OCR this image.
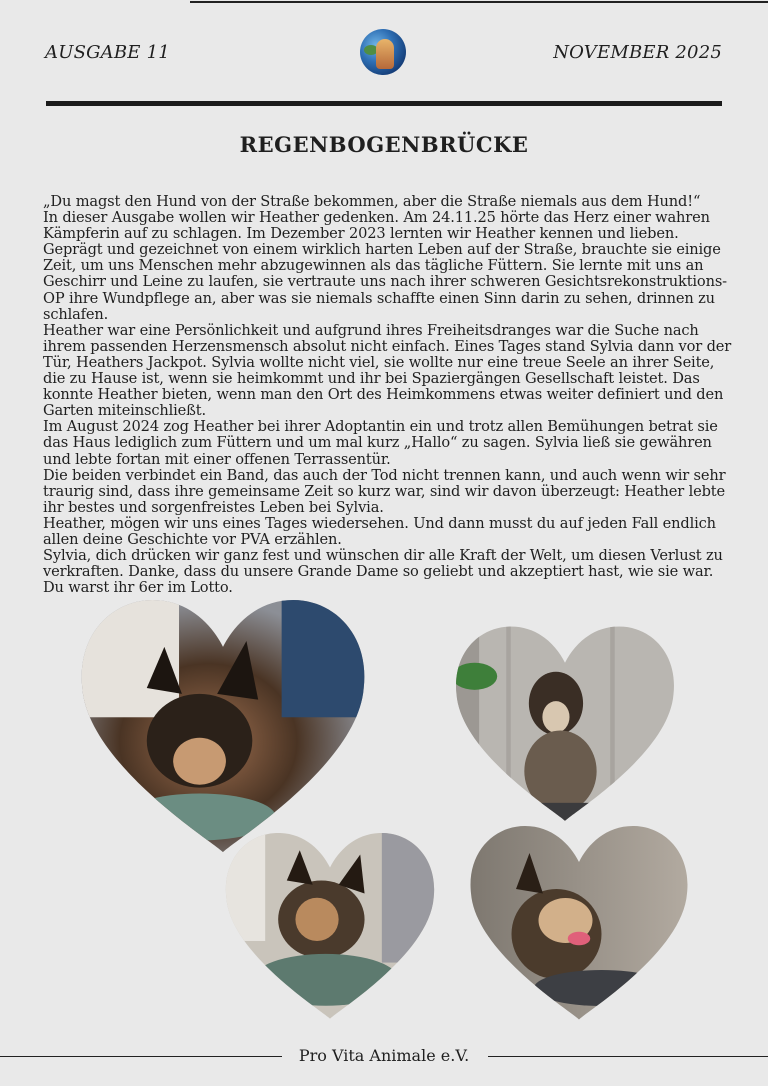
AUSGABE 11	NOVEMBER 2025
REGENBOGENBRÜCKE

„Du magst den Hund von der Straße bekommen, aber die Straße niemals aus dem Hund!“

In dieser Ausgabe wollen wir Heather gedenken. Am 24.11.25 hörte das Herz einer wahren Kämpferin auf zu schlagen. Im Dezember 2023 lernten wir Heather kennen und lieben. Geprägt und gezeichnet von einem wirklich harten Leben auf der Straße, brauchte sie einige Zeit, um uns Menschen mehr abzugewinnen als das tägliche Füttern. Sie lernte mit uns an Geschirr und Leine zu laufen, sie vertraute uns nach ihrer schweren Gesichtsrekonstruktions-OP ihre Wundpflege an, aber was sie niemals schaffte einen Sinn darin zu sehen, drinnen zu schlafen.

Heather war eine Persönlichkeit und aufgrund ihres Freiheitsdranges war die Suche nach ihrem passenden Herzensmensch absolut nicht einfach. Eines Tages stand Sylvia dann vor der Tür, Heathers Jackpot. Sylvia wollte nicht viel, sie wollte nur eine treue Seele an ihrer Seite, die zu Hause ist, wenn sie heimkommt und ihr bei Spaziergängen Gesellschaft leistet. Das konnte Heather bieten, wenn man den Ort des Heimkommens etwas weiter definiert und den Garten miteinschließt.

Im August 2024 zog Heather bei ihrer Adoptantin ein und trotz allen Bemühungen betrat sie das Haus lediglich zum Füttern und um mal kurz „Hallo“ zu sagen. Sylvia ließ sie gewähren und lebte fortan mit einer offenen Terrassentür.

Die beiden verbindet ein Band, das auch der Tod nicht trennen kann, und auch wenn wir sehr traurig sind, dass ihre gemeinsame Zeit so kurz war, sind wir davon überzeugt: Heather lebte ihr bestes und sorgenfreistes Leben bei Sylvia.

Heather, mögen wir uns eines Tages wiedersehen. Und dann musst du auf jeden Fall endlich allen deine Geschichte vor PVA erzählen.

Sylvia, dich drücken wir ganz fest und wünschen dir alle Kraft der Welt, um diesen Verlust zu verkraften. Danke, dass du unsere Grande Dame so geliebt und akzeptiert hast, wie sie war. Du warst ihr 6er im Lotto.

Pro Vita Animale e.V.
